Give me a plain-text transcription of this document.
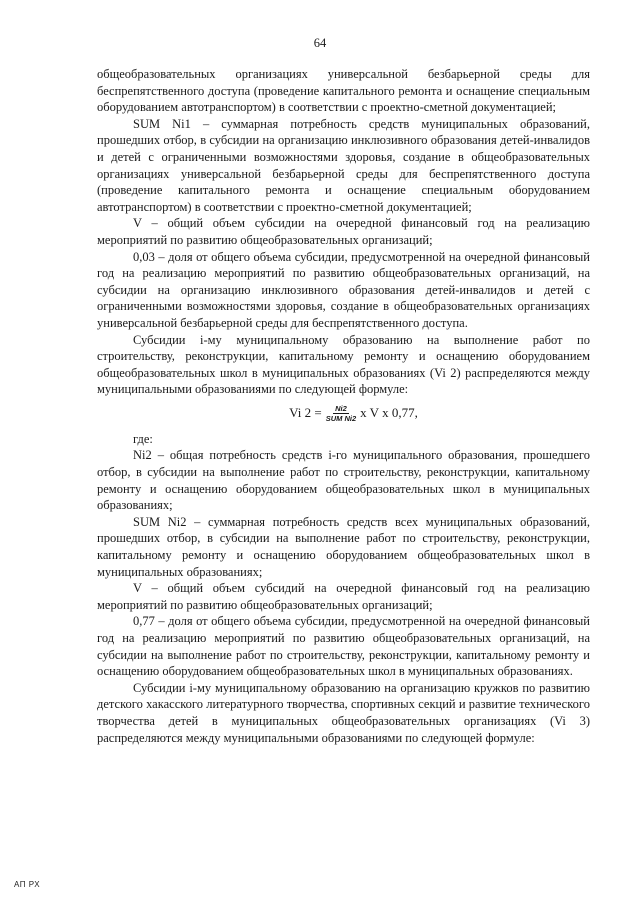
64

общеобразовательных организациях универсальной безбарьерной среды для беспрепятственного доступа (проведение капитального ремонта и оснащение специальным оборудованием автотранспортом) в соответствии с проектно-сметной документацией;

SUM Ni1 – суммарная потребность средств муниципальных образований, прошедших отбор, в субсидии на организацию инклюзивного образования детей-инвалидов и детей с ограниченными возможностями здоровья, создание в общеобразовательных организациях универсальной безбарьерной среды для беспрепятственного доступа (проведение капитального ремонта и оснащение специальным оборудованием автотранспортом) в соответствии с проектно-сметной документацией;

V – общий объем субсидии на очередной финансовый год на реализацию мероприятий по развитию общеобразовательных организаций;

0,03 – доля от общего объема субсидии, предусмотренной на очередной финансовый год на реализацию мероприятий по развитию общеобразовательных организаций, на субсидии на организацию инклюзивного образования детей-инвалидов и детей с ограниченными возможностями здоровья, создание в общеобразовательных организациях универсальной безбарьерной среды для беспрепятственного доступа.

Субсидии i-му муниципальному образованию на выполнение работ по строительству, реконструкции, капитальному ремонту и оснащению оборудованием общеобразовательных школ в муниципальных образованиях (Vi 2) распределяются между муниципальными образованиями по следующей формуле:

Vi $2 = \frac{Ni2}{\text{SUM Ni2}}$ x V x 0,77,

где:

Ni2 – общая потребность средств i-го муниципального образования, прошедшего отбор, в субсидии на выполнение работ по строительству, реконструкции, капитальному ремонту и оснащению оборудованием общеобразовательных школ в муниципальных образованиях;

SUM Ni2 – суммарная потребность средств всех муниципальных образований, прошедших отбор, в субсидии на выполнение работ по строительству, реконструкции, капитальному ремонту и оснащению оборудованием общеобразовательных школ в муниципальных образованиях;

V – общий объем субсидий на очередной финансовый год на реализацию мероприятий по развитию общеобразовательных организаций;

0,77 – доля от общего объема субсидии, предусмотренной на очередной финансовый год на реализацию мероприятий по развитию общеобразовательных организаций, на субсидии на выполнение работ по строительству, реконструкции, капитальному ремонту и оснащению оборудованием общеобразовательных школ в муниципальных образованиях.

Субсидии i-му муниципальному образованию на организацию кружков по развитию детского хакасского литературного творчества, спортивных секций и развитие технического творчества детей в муниципальных общеобразовательных организациях (Vi 3) распределяются между муниципальными образованиями по следующей формуле:

АП РХ
